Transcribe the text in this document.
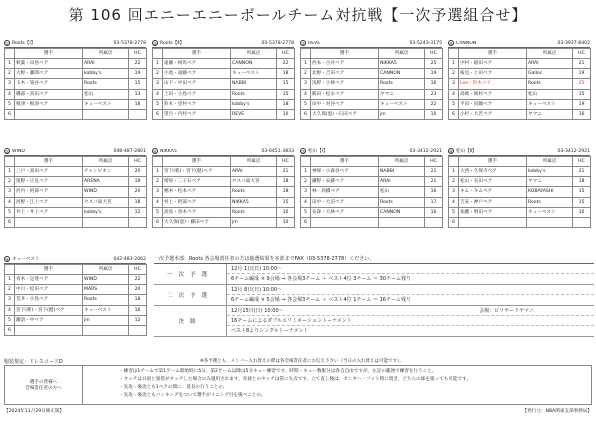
第 106 回エニーエニーボールチーム対抗戦【一次予選組合せ】
① Roots【Ⅰ】	03-5378-2778
	選手	所属店	HC
1	秋葉・田島ペア	ARAI	22
2	大野・藤間ペア	kobby's	19
3	玉木・染谷ペア	Roots	15
4	磯部・真田ペア	松山	13
5	根津・根津ペア	キューベスト	18
6			
② Roots【Ⅱ】	03-5378-2778
	選手	所属店	HC
1	遠藤・相馬ペア	CANNON	22
2	小池・遠藤ペア	キューベスト	18
3	山下・中田ペア	NABBI	15
4	上田・小島ペア	Roots	15
5	鈴木・里村ペア	kobby's	18
6	望月・内村ペア	REVE	10
③ REVE	03-5243-3175
	選手	所属店	HC
1	西本・古井ペア	NIKKA5	25
2	北野・吉田ペア	CANNON	19
3	浅野・小林ペア	Roots	16
4	飯田・松永ペア	ヤマニ	23
5	田中・対谷ペア	キューベスト	22
6	大久保(恵)・石田ペア	jm	10
④ CANNON	03-3937-8402
	選手	所属店	HC
1	中村・稲田ペア	ARAI	21
2	桜見・上田ペア	Galloc	19
3	Lee・鈴木ペア	Roots	25
4	高崎・岡村ペア	松山	15
5	平田・真鍋ペア	キューベスト	19
6	小杉・大若ペア	ヤマニ	16
⑤ WIND	048-487-2801
	選手	所属店	HC
1	三戸・高田ペア	チャンピオン	20
2	尾野・正見ペア	ARENA	19
3	河内・阿部ペア	WIND	20
4	河野・江上ペア	セスパ東大宮	18
5	井上・井上ペア	kobby's	12
6			
⑥ NIKKA5	03-6451-3833
	選手	所属店	HC
1	宮下(新)・宮下(健)ペア	ARAI	21
2	増原・二子石ペア	セスパ東大宮	18
3	楢木・松本ペア	Roots	18
4	村上・阿部ペア	NIKKA5	15
5	高鳥・青木ペア	Roots	16
6	大久保(恵)・藤田ペア	jm	10
⑦ 松山【Ⅰ】	03-3412-2921
	選手	所属店	HC
1	神保・小森谷ペア	NABBI	21
2	鎌野・安藤ペア	ARAI	21
3	林・高橋ペア	松山	16
4	田中・大沼ペア	Roots	17
5	安森・大林ペア	CANNON	16
6			
⑧ 松山【Ⅱ】	03-3412-2921
	選手	所属店	HC
1	大西・久保寺ペア	kobby's	21
2	松山・長田ペア	ヤマニ	18
3	キム・キムペア	KOBAYASHI	15
4	吉安・神戸ペア	Roots	15
5	加藤・増田ペア	キューベスト	16
6			
⑨ キューベスト	042-483-2062
	選手	所属店	HC
1	青木・足達ペア	WIND	22
2	中川・松田ペア	MARS	20
3	荒井・小島ペア	Roots	18
4	宮下(新)・宮下(健)ペア	キューベスト	16
5	瀬語・中ペア	jm	12
6			
一次予選本部：Roots 各会場責任者の方は抽選結果を本部までFAX（03-5378-2778）ください。
一次予選
12月 1日(日) 10:00～
6チーム編成 × 9会場 ⇒ 各会場3チーム ＋ ベスト4位 3チーム ＝ 30チーム残り
二次予選
12月 8日(日) 10:00～
6チーム編成 × 5会場 ⇒ 各会場3チーム ＋ ベスト4位 1チーム ＝ 16チーム残り
決勝
12月15日(日) 10:00～	会場：ビリヤードヤマニ
16チームによるダブルエリミネーショントーナメント
ベスト8よりシングルトーナメント
服装規定：ドレスコードD	※各予選とも、メンバー入れ替えの際は各会場責任者にお伝え下さい（当日の入れ替えは可能です）。
選手の皆様へ
会場責任者の方へ
・練習は1チームで第1ゲーム開始時に5分、第2ゲーム以降は5分キュー練習です。時間・キュー数配分は各自自由ですが、左記の範囲で練習を行うこと。
・タッチは日頃と異常がタッチした場合のみ適用されます。赤球とのタッチは常に失点です。立て直し後は、センター・フット時に置き、どちらの球を狙っても可能です。
・先攻・後攻とも1ペアの間に、延長の行うことの。
・先攻・後攻ともバンキングをついて選手がイニング目を後ペことの。
【2024年11月29日修正版】	【発行元：NBA関東支部事務局】
